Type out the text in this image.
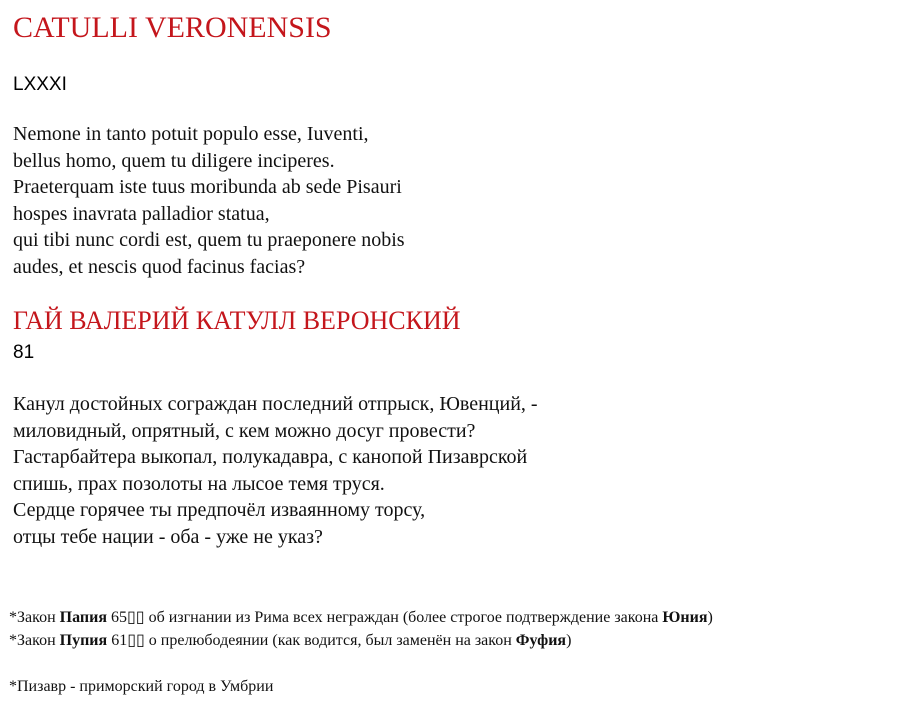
CATULLI VERONENSIS
LXXXI
Nemone in tanto potuit populo esse, Iuventi,
bellus homo, quem tu diligere inciperes.
Praeterquam iste tuus moribunda ab sede Pisauri
hospes inavrata palladior statua,
qui tibi nunc cordi est, quem tu praeponere nobis
audes, et nescis quod facinus facias?
ГАЙ ВАЛЕРИЙ КАТУЛЛ ВЕРОНСКИЙ
81
Канул достойных сограждан последний отпрыск, Ювенций, -
миловидный, опрятный, с кем можно досуг провести?
Гастарбайтера выкопал, полукадавра, с канопой Пизаврской
спишь, прах позолоты на лысое темя труся.
Сердце горячее ты предпочёл изваянному торсу,
отцы тебе нации - оба - уже не указ?
*Закон Папия 65▯▯ об изгнании из Рима всех неграждан (более строгое подтверждение закона Юния)
*Закон Пупия 61▯▯ о прелюбодеянии (как водится, был заменён на закон Фуфия)
*Пизавр - приморский город в Умбрии
